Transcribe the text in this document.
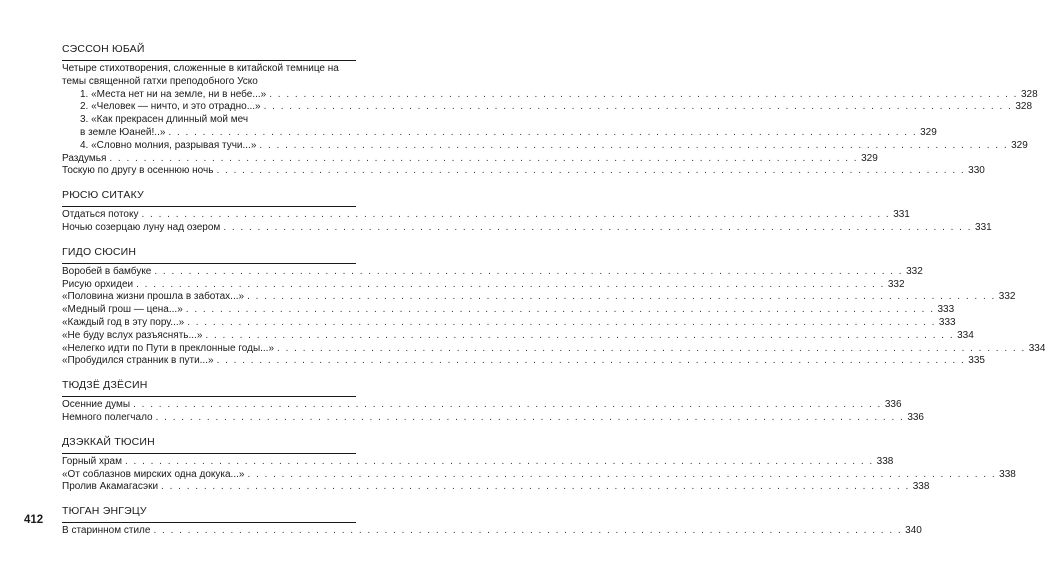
СЭССОН ЮБАЙ
Четыре стихотворения, сложенные в китайской темнице на темы священной гатхи преподобного Уско
1. «Места нет ни на земле, ни в небе...» . . .	328
2. «Человек — ничто, и это отрадно...» . . .	328
3. «Как прекрасен длинный мой меч
в земле Юаней!..» . . .	329
4. «Словно молния, разрывая тучи...» . . .	329
Раздумья . . .	329
Тоскую по другу в осеннюю ночь . . .	330
РЮСЮ СИТАКУ
Отдаться потоку . . .	331
Ночью созерцаю луну над озером . . .	331
ГИДО СЮСИН
Воробей в бамбуке . . .	332
Рисую орхидеи . . .	332
«Половина жизни прошла в заботах...» . . .	332
«Медный грош — цена...» . . .	333
«Каждый год в эту пору...» . . .	333
«Не буду вслух разъяснять...» . . .	334
«Нелегко идти по Пути в преклонные годы...» . . .	334
«Пробудился странник в пути...» . . .	335
ТЮДЗЁ ДЗЁСИН
Осенние думы . . .	336
Немного полегчало . . .	336
ДЗЭККАЙ ТЮСИН
Горный храм . . .	338
«От соблазнов мирских одна докука...» . . .	338
Пролив Акамагасэки . . .	338
ТЮГАН ЭНГЭЦУ
В старинном стиле . . .	340
412
